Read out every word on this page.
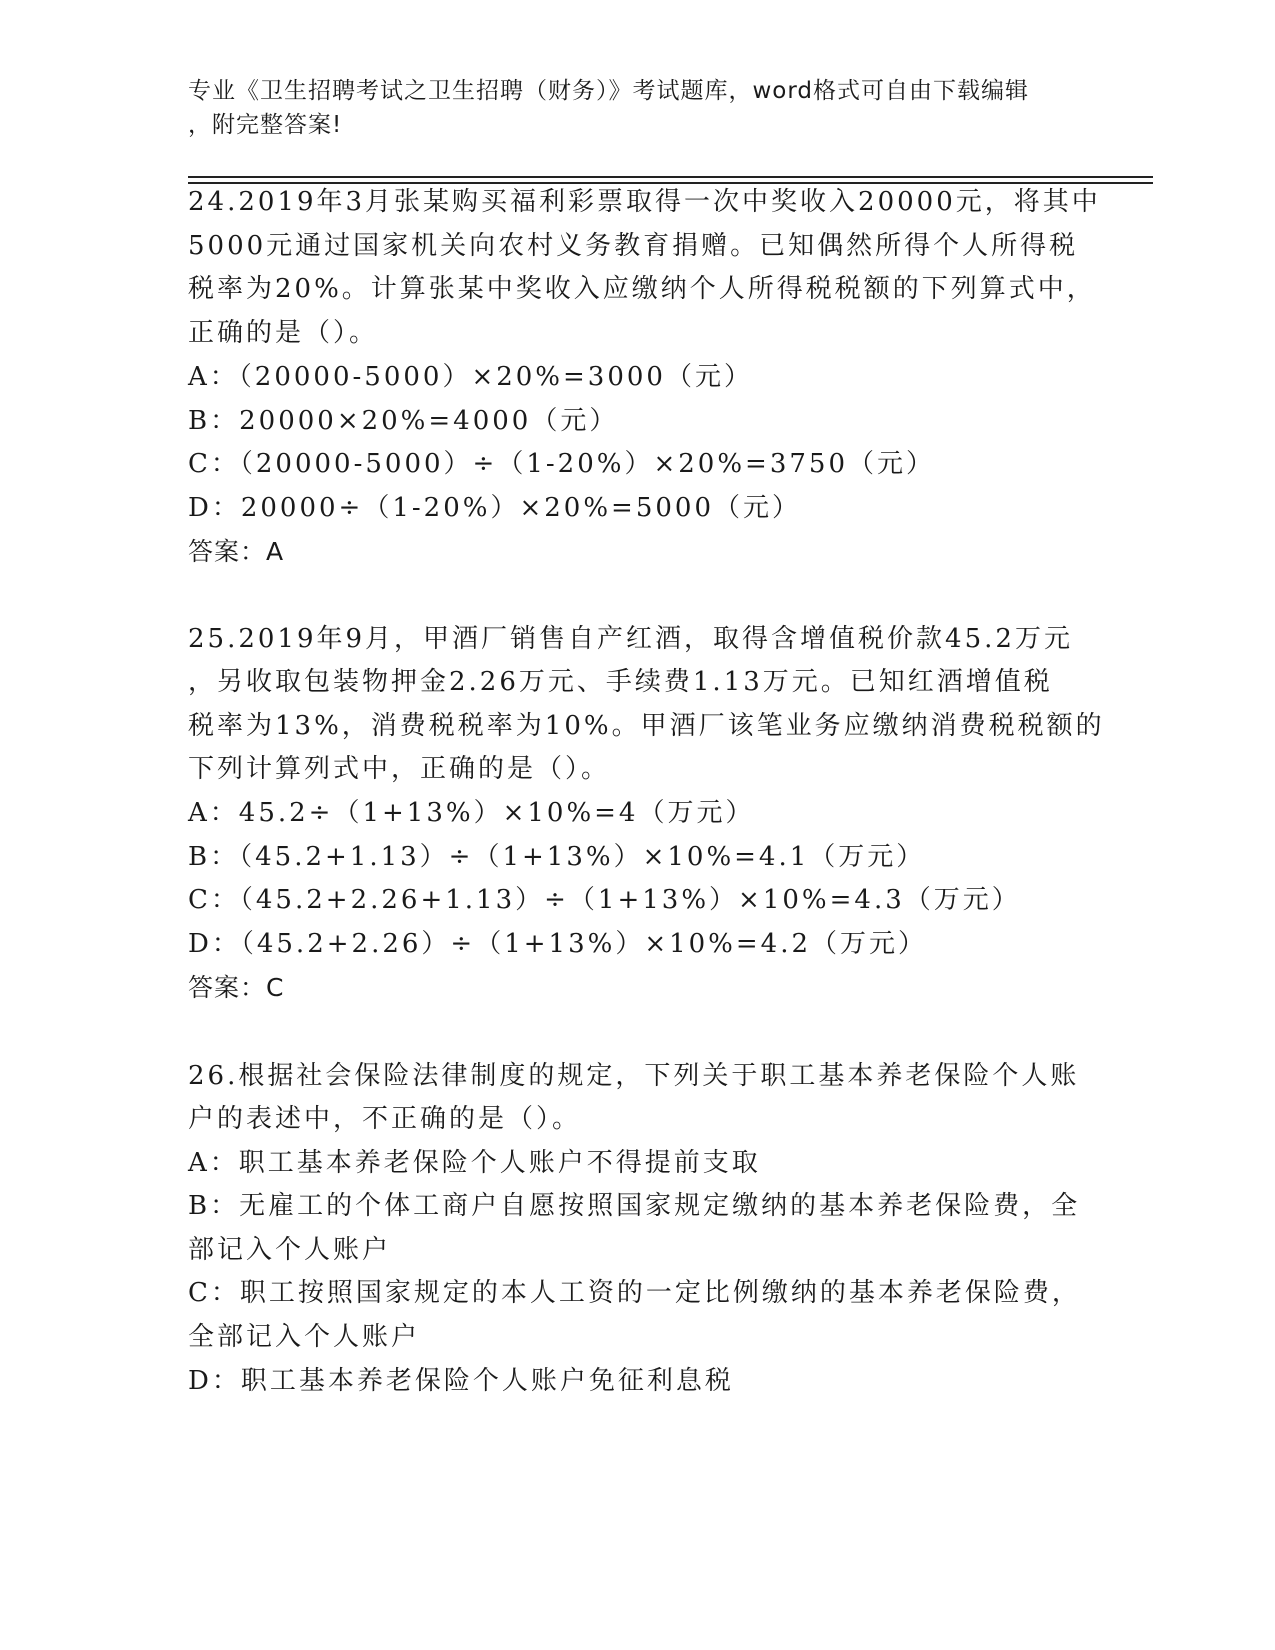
专业《卫生招聘考试之卫生招聘（财务）》考试题库，word格式可自由下载编辑
，附完整答案!
24.2019年3月张某购买福利彩票取得一次中奖收入20000元，将其中
5000元通过国家机关向农村义务教育捐赠。已知偶然所得个人所得税
税率为20%。计算张某中奖收入应缴纳个人所得税税额的下列算式中，
正确的是（）。
A：（20000-5000）×20%=3000（元）
B：20000×20%=4000（元）
C：（20000-5000）÷（1-20%）×20%=3750（元）
D：20000÷（1-20%）×20%=5000（元）
答案：A
25.2019年9月，甲酒厂销售自产红酒，取得含增值税价款45.2万元
，另收取包装物押金2.26万元、手续费1.13万元。已知红酒增值税
税率为13%，消费税税率为10%。甲酒厂该笔业务应缴纳消费税税额的
下列计算列式中，正确的是（）。
A：45.2÷（1+13%）×10%=4（万元）
B：（45.2+1.13）÷（1+13%）×10%=4.1（万元）
C：（45.2+2.26+1.13）÷（1+13%）×10%=4.3（万元）
D：（45.2+2.26）÷（1+13%）×10%=4.2（万元）
答案：C
26.根据社会保险法律制度的规定，下列关于职工基本养老保险个人账
户的表述中，不正确的是（）。
A：职工基本养老保险个人账户不得提前支取
B：无雇工的个体工商户自愿按照国家规定缴纳的基本养老保险费，全
部记入个人账户
C：职工按照国家规定的本人工资的一定比例缴纳的基本养老保险费，
全部记入个人账户
D：职工基本养老保险个人账户免征利息税
